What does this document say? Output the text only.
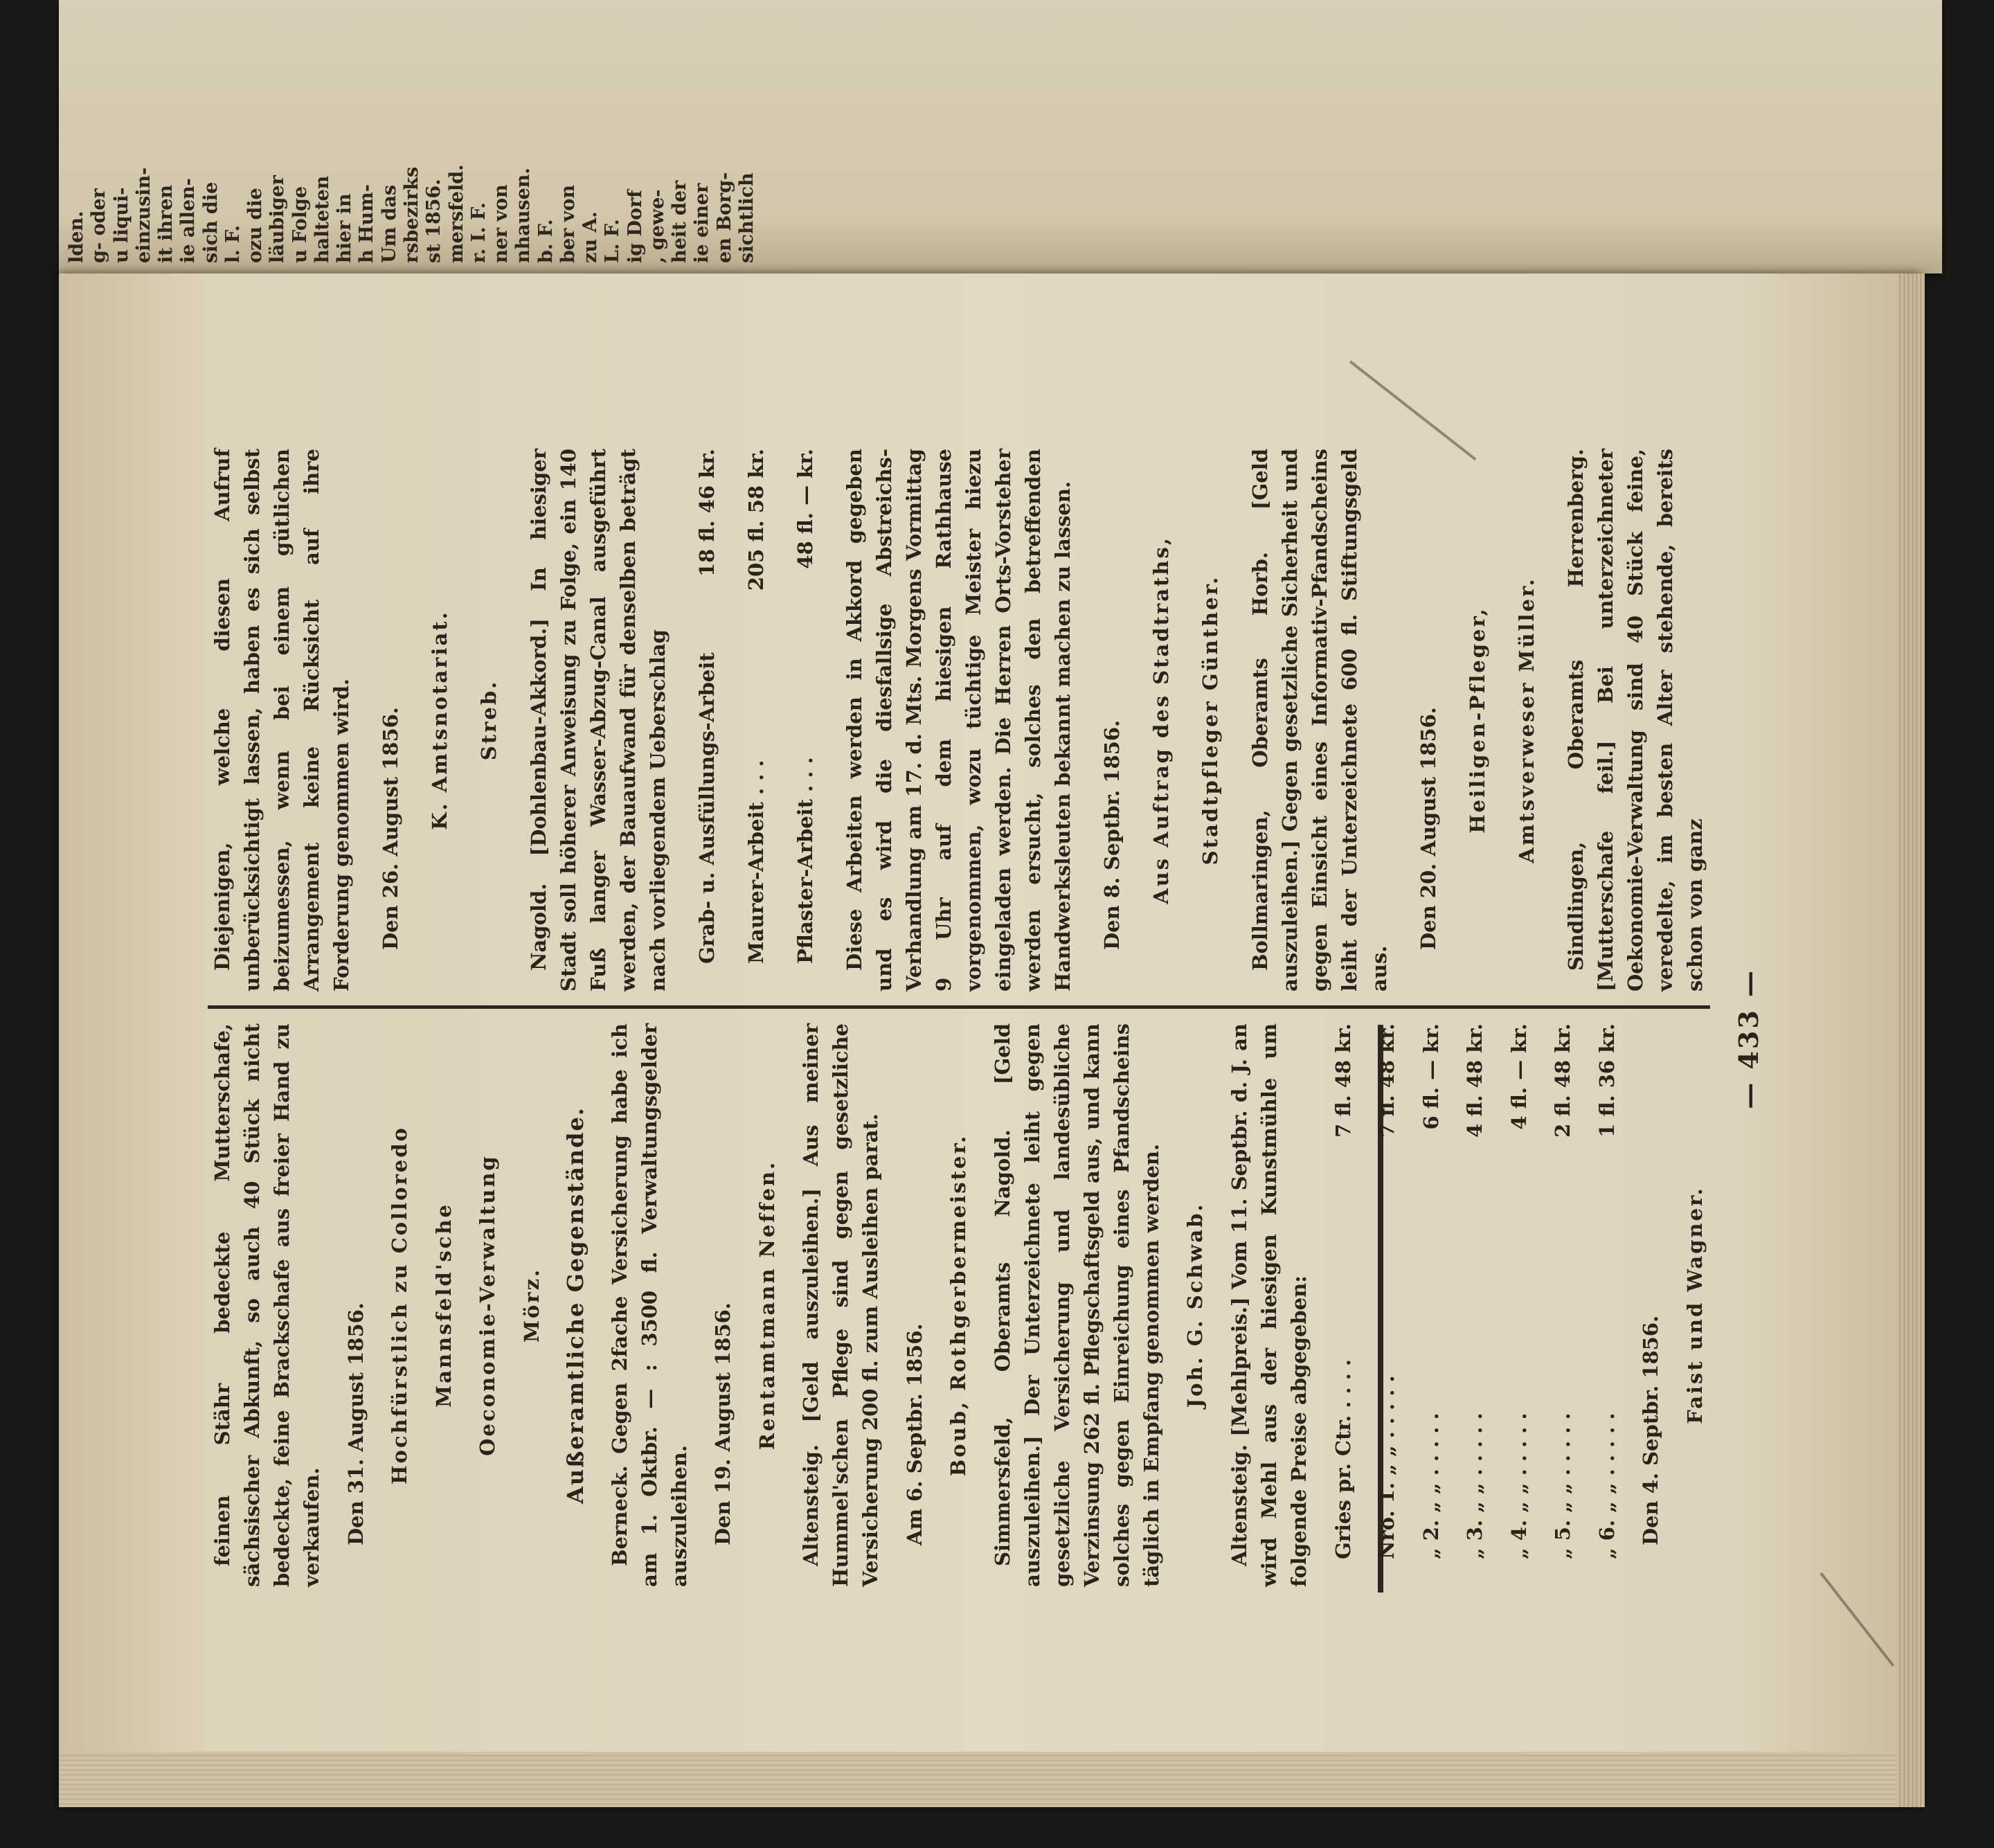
sichtlich
en Borg-
ie einer
heit der
, gewe-
ig Dorf
L. F.
zu A.
ber von
b. F.
nhausen.
ner von
r. I. F.
mersfeld.
st 1856.
rsbezirks
Um das
h Hum-
hier in
halteten
u Folge
läubiger
ozu die
l. F.
sich die
ie allen-
it ihren
einzusin-
u liqui-
g- oder
lden.
— 433 —

Diejenigen, welche diesen Aufruf unberücksichtigt lassen, haben es sich selbst beizumessen, wenn bei einem gütlichen Arrangement keine Rücksicht auf ihre Forderung genommen wird. Den 26. August 1856. K. Amtsnotariat. Streb. Nagold. [Dohlenbau-Akkord.] In hiesiger Stadt soll höherer Anweisung zu Folge, ein 140 Fuß langer Wasser-Abzug-Canal ausgeführt werden, der Bauaufwand für denselben beträgt nach vorliegendem Ueberschlag Grab- u. Ausfüllungs-Arbeit
18 fl. 46 kr.
Maurer-Arbeit . . .
205 fl. 58 kr.
Pflaster-Arbeit . . .
48 fl. — kr. Diese Arbeiten werden in Akkord gegeben und es wird die diesfallsige Abstreichs-Verhandlung am 17. d. Mts. Morgens Vormittag 9 Uhr auf dem hiesigen Rathhause vorgenommen, wozu tüchtige Meister hiezu eingeladen werden. Die Herren Orts-Vorsteher werden ersucht, solches den betreffenden Handwerksleuten bekannt machen zu lassen. Den 8. Septbr. 1856. Aus Auftrag des Stadtraths, Stadtpfleger Günther. Bollmaringen, Oberamts Horb. [Geld auszuleihen.] Gegen gesetzliche Sicherheit und gegen Einsicht eines Informativ-Pfandscheins leiht der Unterzeichnete 600 fl. Stiftungsgeld aus.

Den 20. August 1856. Heiligen-Pfleger, Amtsverweser Müller. Sindlingen, Oberamts Herrenberg. [Mutterschafe feil.] Bei unterzeichneter Oekonomie-Verwaltung sind 40 Stück feine, veredelte, im besten Alter stehende, bereits schon von ganz

feinen Stähr bedeckte Mutterschafe, sächsischer Abkunft, so auch 40 Stück nicht bedeckte, feine Brackschafe aus freier Hand zu verkaufen. Den 31. August 1856. Hochfürstlich zu Colloredo Mannsfeld'sche Oeconomie-Verwaltung Mörz. Außeramtliche Gegenstände. Berneck. Gegen 2fache Versicherung habe ich am 1. Oktbr. — : 3500 fl. Verwaltungsgelder auszuleihen. Den 19. August 1856. Rentamtmann Neffen. Altensteig. [Geld auszuleihen.] Aus meiner Hummel'schen Pflege sind gegen gesetzliche Versicherung 200 fl. zum Ausleihen parat. Am 6. Septbr. 1856. Boub, Rothgerbermeister. Simmersfeld, Oberamts Nagold. [Geld auszuleihen.] Der Unterzeichnete leiht gegen gesetzliche Versicherung und landesübliche Verzinsung 262 fl. Pflegschaftsgeld aus, und kann solches gegen Einreichung eines Pfandscheins täglich in Empfang genommen werden. Joh. G. Schwab. Altensteig. [Mehlpreis.] Vom 11. Septbr. d. J. an wird Mehl aus der hiesigen Kunstmühle um folgende Preise abgegeben: Gries pr. Ctr. . . . .
7 fl. 48 kr.
Nro. 1. „ „ . . . . .
7 fl. 48 kr.
„ 2. „ „ . . . . .
6 fl. — kr.
„ 3. „ „ . . . . .
4 fl. 48 kr.
„ 4. „ „ . . . . .
4 fl. — kr.
„ 5. „ „ . . . . .
2 fl. 48 kr.
„ 6. „ „ . . . . .
1 fl. 36 kr.

Den 4. Septbr. 1856.

Faist und Wagner.
